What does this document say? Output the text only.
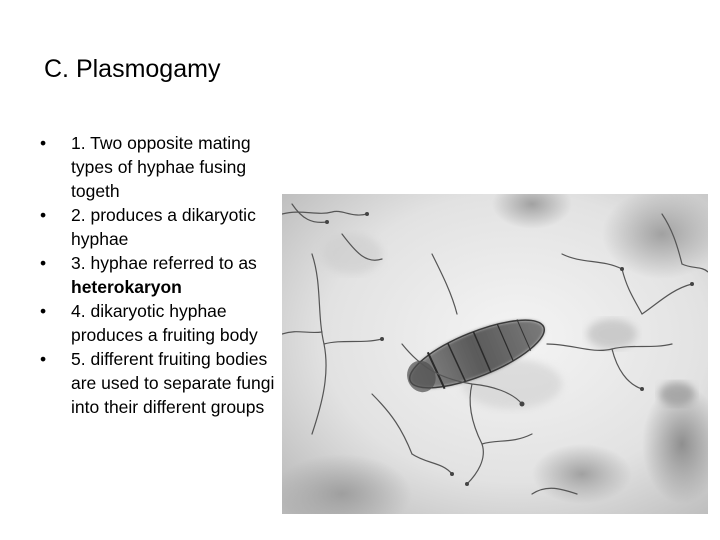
C. Plasmogamy
• 1. Two opposite mating types of hyphae fusing togeth
• 2. produces a dikaryotic hyphae
• 3. hyphae referred to as heterokaryon
• 4. dikaryotic hyphae produces a fruiting body
• 5. different fruiting bodies are used to separate fungi into their different groups
